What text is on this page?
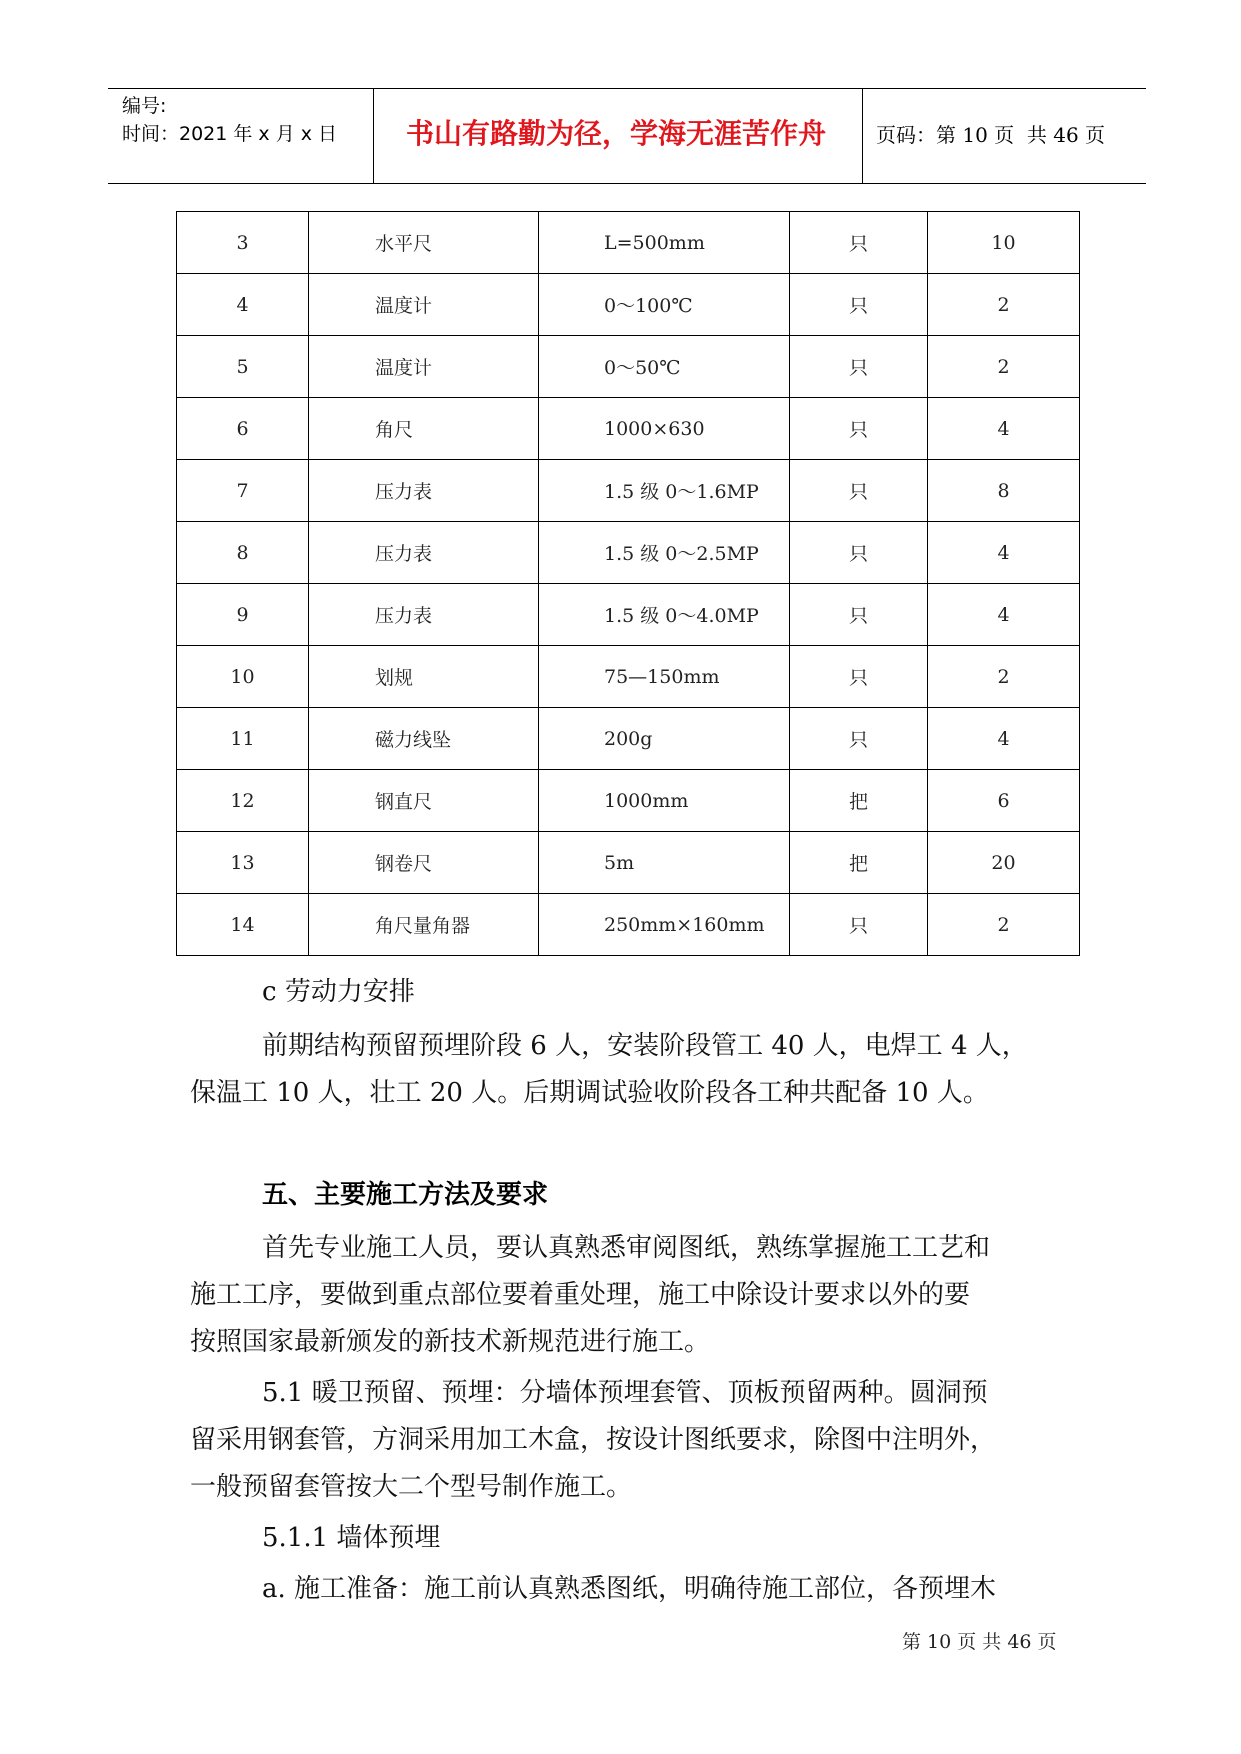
编号:
时间：2021 年 x 月 x 日	书山有路勤为径，学海无涯苦作舟	页码：第 10 页  共 46 页
3	水平尺	L=500mm	只	10
4	温度计	0～100℃	只	2
5	温度计	0～50℃	只	2
6	角尺	1000×630	只	4
7	压力表	1.5 级 0～1.6MP	只	8
8	压力表	1.5 级 0～2.5MP	只	4
9	压力表	1.5 级 0～4.0MP	只	4
10	划规	75—150mm	只	2
11	磁力线坠	200g	只	4
12	钢直尺	1000mm	把	6
13	钢卷尺	5m	把	20
14	角尺量角器	250mm×160mm	只	2
c 劳动力安排
前期结构预留预埋阶段 6 人，安装阶段管工 40 人，电焊工 4 人，
保温工 10 人，壮工 20 人。后期调试验收阶段各工种共配备 10 人。
五、主要施工方法及要求
首先专业施工人员，要认真熟悉审阅图纸，熟练掌握施工工艺和
施工工序，要做到重点部位要着重处理，施工中除设计要求以外的要
按照国家最新颁发的新技术新规范进行施工。
5.1 暖卫预留、预埋：分墙体预埋套管、顶板预留两种。圆洞预
留采用钢套管，方洞采用加工木盒，按设计图纸要求，除图中注明外，
一般预留套管按大二个型号制作施工。
5.1.1 墙体预埋
a. 施工准备：施工前认真熟悉图纸，明确待施工部位，各预埋木
第 10 页 共 46 页
